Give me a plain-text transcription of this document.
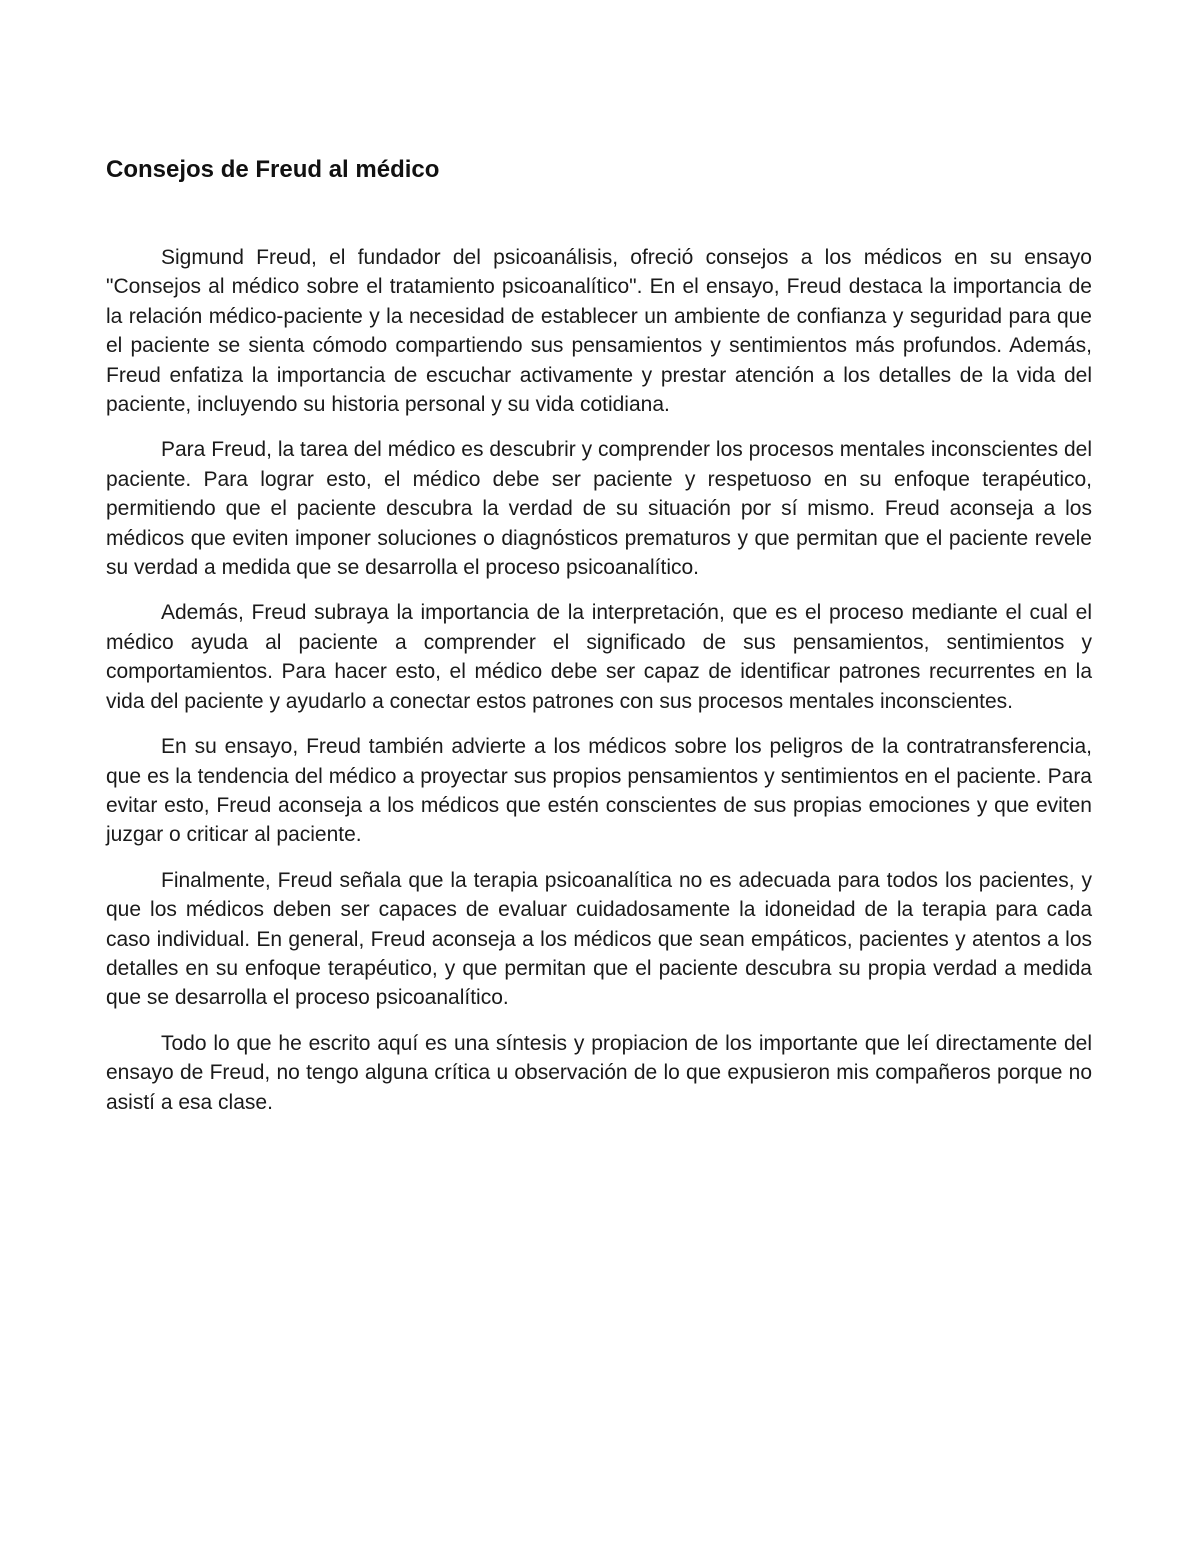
Consejos de Freud al médico

Sigmund Freud, el fundador del psicoanálisis, ofreció consejos a los médicos en su ensayo "Consejos al médico sobre el tratamiento psicoanalítico". En el ensayo, Freud destaca la importancia de la relación médico-paciente y la necesidad de establecer un ambiente de confianza y seguridad para que el paciente se sienta cómodo compartiendo sus pensamientos y sentimientos más profundos. Además, Freud enfatiza la importancia de escuchar activamente y prestar atención a los detalles de la vida del paciente, incluyendo su historia personal y su vida cotidiana.

Para Freud, la tarea del médico es descubrir y comprender los procesos mentales inconscientes del paciente. Para lograr esto, el médico debe ser paciente y respetuoso en su enfoque terapéutico, permitiendo que el paciente descubra la verdad de su situación por sí mismo. Freud aconseja a los médicos que eviten imponer soluciones o diagnósticos prematuros y que permitan que el paciente revele su verdad a medida que se desarrolla el proceso psicoanalítico.

Además, Freud subraya la importancia de la interpretación, que es el proceso mediante el cual el médico ayuda al paciente a comprender el significado de sus pensamientos, sentimientos y comportamientos. Para hacer esto, el médico debe ser capaz de identificar patrones recurrentes en la vida del paciente y ayudarlo a conectar estos patrones con sus procesos mentales inconscientes.

En su ensayo, Freud también advierte a los médicos sobre los peligros de la contratransferencia, que es la tendencia del médico a proyectar sus propios pensamientos y sentimientos en el paciente. Para evitar esto, Freud aconseja a los médicos que estén conscientes de sus propias emociones y que eviten juzgar o criticar al paciente.

Finalmente, Freud señala que la terapia psicoanalítica no es adecuada para todos los pacientes, y que los médicos deben ser capaces de evaluar cuidadosamente la idoneidad de la terapia para cada caso individual. En general, Freud aconseja a los médicos que sean empáticos, pacientes y atentos a los detalles en su enfoque terapéutico, y que permitan que el paciente descubra su propia verdad a medida que se desarrolla el proceso psicoanalítico.

Todo lo que he escrito aquí es una síntesis y propiacion de los importante que leí directamente del ensayo de Freud, no tengo alguna crítica u observación de lo que expusieron mis compañeros porque no asistí a esa clase.
